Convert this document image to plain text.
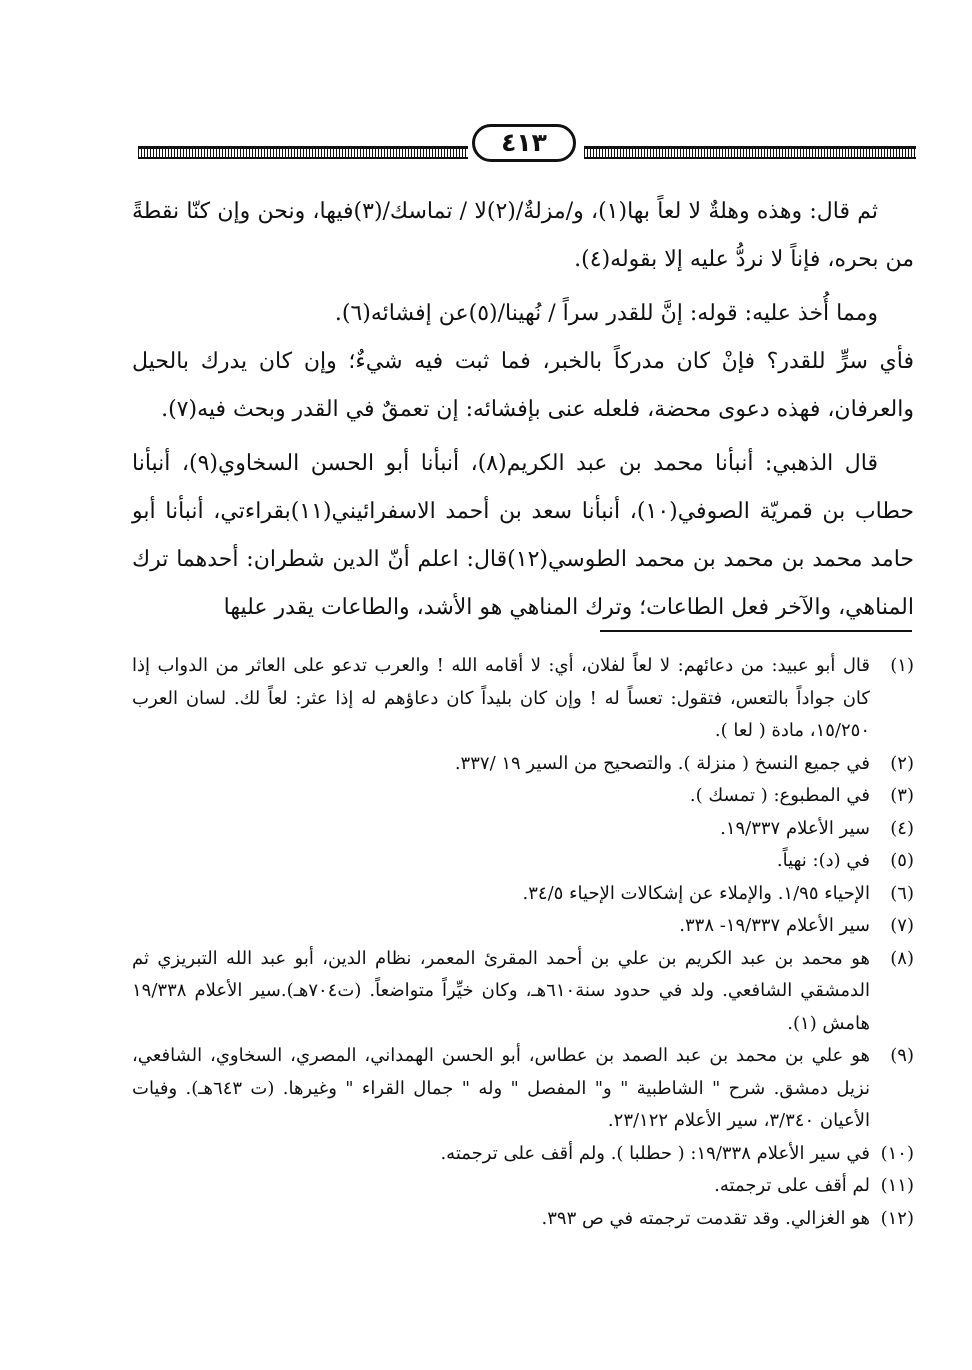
٤١٣

ثم قال: وهذه وهلةٌ لا لعاً بها(١)، و/مزلةٌ/(٢)لا / تماسك/(٣)فيها، ونحن وإن كنّا نقطةً من بحره، فإناً لا نردُّ عليه إلا بقوله(٤).

ومما أُخذ عليه: قوله: إنَّ للقدر سراً / نُهينا/(٥)عن إفشائه(٦).

فأي سرٍّ للقدر؟ فإنْ كان مدركاً بالخبر، فما ثبت فيه شيءٌ؛ وإن كان يدرك بالحيل والعرفان، فهذه دعوى محضة، فلعله عنى بإفشائه: إن تعمقٌ في القدر وبحث فيه(٧).

قال الذهبي: أنبأنا محمد بن عبد الكريم(٨)، أنبأنا أبو الحسن السخاوي(٩)، أنبأنا حطاب بن قمريّة الصوفي(١٠)، أنبأنا سعد بن أحمد الاسفرائيني(١١)بقراءتي، أنبأنا أبو حامد محمد بن محمد بن محمد الطوسي(١٢)قال: اعلم أنّ الدين شطران: أحدهما ترك المناهي، والآخر فعل الطاعات؛ وترك المناهي هو الأشد، والطاعات يقدر عليها

(١)
قال أبو عبيد: من دعائهم: لا لعاً لفلان، أي: لا أقامه الله ! والعرب تدعو على العاثر من الدواب إذا كان جواداً بالتعس، فتقول: تعساً له ! وإن كان بليداً كان دعاؤهم له إذا عثر: لعاً لك. لسان العرب ١٥/٢٥٠، مادة ( لعا ).
(٢)
في جميع النسخ ( منزلة ). والتصحيح من السير ١٩ /٣٣٧.
(٣)
في المطبوع: ( تمسك ).
(٤)
سير الأعلام ١٩/٣٣٧.
(٥)
في (د): نهياً.
(٦)
الإحياء ١/٩٥. والإملاء عن إشكالات الإحياء ٣٤/٥.
(٧)
سير الأعلام ١٩/٣٣٧- ٣٣٨.
(٨)
هو محمد بن عبد الكريم بن علي بن أحمد المقرئ المعمر، نظام الدين، أبو عبد الله التبريزي ثم الدمشقي الشافعي. ولد في حدود سنة٦١٠هـ، وكان خيِّراً متواضعاً. (ت٧٠٤هـ).سير الأعلام ١٩/٣٣٨ هامش (١).
(٩)
هو علي بن محمد بن عبد الصمد بن عطاس، أبو الحسن الهمداني، المصري، السخاوي، الشافعي، نزيل دمشق. شرح " الشاطبية " و" المفصل " وله " جمال القراء " وغيرها. (ت ٦٤٣هـ). وفيات الأعيان ٣/٣٤٠، سير الأعلام ٢٣/١٢٢.
(١٠)
في سير الأعلام ١٩/٣٣٨: ( حطلبا ). ولم أقف على ترجمته.
(١١)
لم أقف على ترجمته.
(١٢)
هو الغزالي. وقد تقدمت ترجمته في ص ٣٩٣.
